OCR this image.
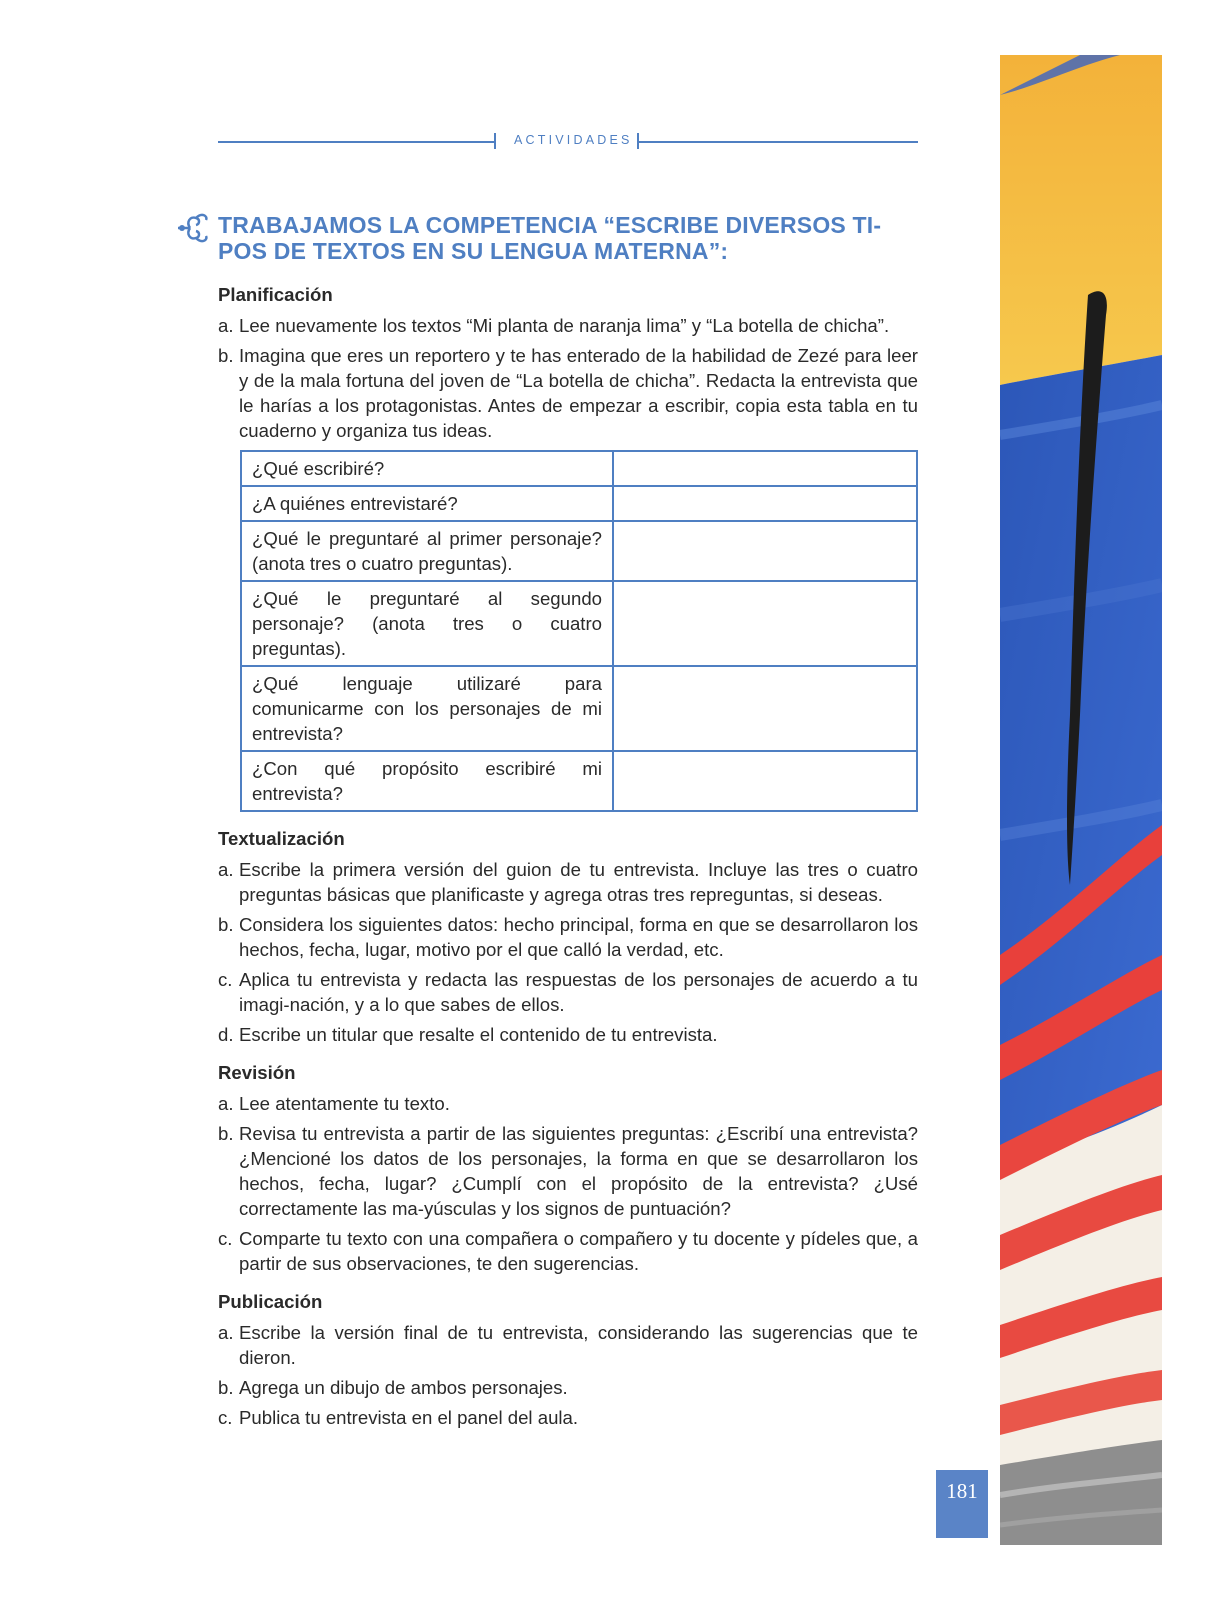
ACTIVIDADES
TRABAJAMOS LA COMPETENCIA “ESCRIBE DIVERSOS TI-
POS DE TEXTOS EN SU LENGUA MATERNA”:
Planificación
a. Lee nuevamente los textos “Mi planta de naranja lima” y “La botella de chicha”.
b. Imagina que eres un reportero y te has enterado de la habilidad de Zezé para leer y de la mala fortuna del joven de “La botella de chicha”. Redacta la entrevista que le harías a los protagonistas. Antes de empezar a escribir, copia esta tabla en tu cuaderno y organiza tus ideas.
¿Qué escribiré?	
¿A quiénes entrevistaré?	
¿Qué le preguntaré al primer personaje? (anota tres o cuatro preguntas).	
¿Qué le preguntaré al segundo personaje? (anota tres o cuatro preguntas).	
¿Qué lenguaje utilizaré para comunicarme con los personajes de mi entrevista?	
¿Con qué propósito escribiré mi entrevista?	
Textualización
a. Escribe la primera versión del guion de tu entrevista. Incluye las tres o cuatro preguntas básicas que planificaste y agrega otras tres repreguntas, si deseas.
b. Considera los siguientes datos: hecho principal, forma en que se desarrollaron los hechos, fecha, lugar, motivo por el que calló la verdad, etc.
c. Aplica tu entrevista y redacta las respuestas de los personajes de acuerdo a tu imagi-nación, y a lo que sabes de ellos.
d. Escribe un titular que resalte el contenido de tu entrevista.
Revisión
a. Lee atentamente tu texto.
b. Revisa tu entrevista a partir de las siguientes preguntas: ¿Escribí una entrevista? ¿Mencioné los datos de los personajes, la forma en que se desarrollaron los hechos, fecha, lugar? ¿Cumplí con el propósito de la entrevista? ¿Usé correctamente las ma-yúsculas y los signos de puntuación?
c. Comparte tu texto con una compañera o compañero y tu docente y pídeles que, a partir de sus observaciones, te den sugerencias.
Publicación
a. Escribe la versión final de tu entrevista, considerando las sugerencias que te dieron.
b. Agrega un dibujo de ambos personajes.
c. Publica tu entrevista en el panel del aula.
181
